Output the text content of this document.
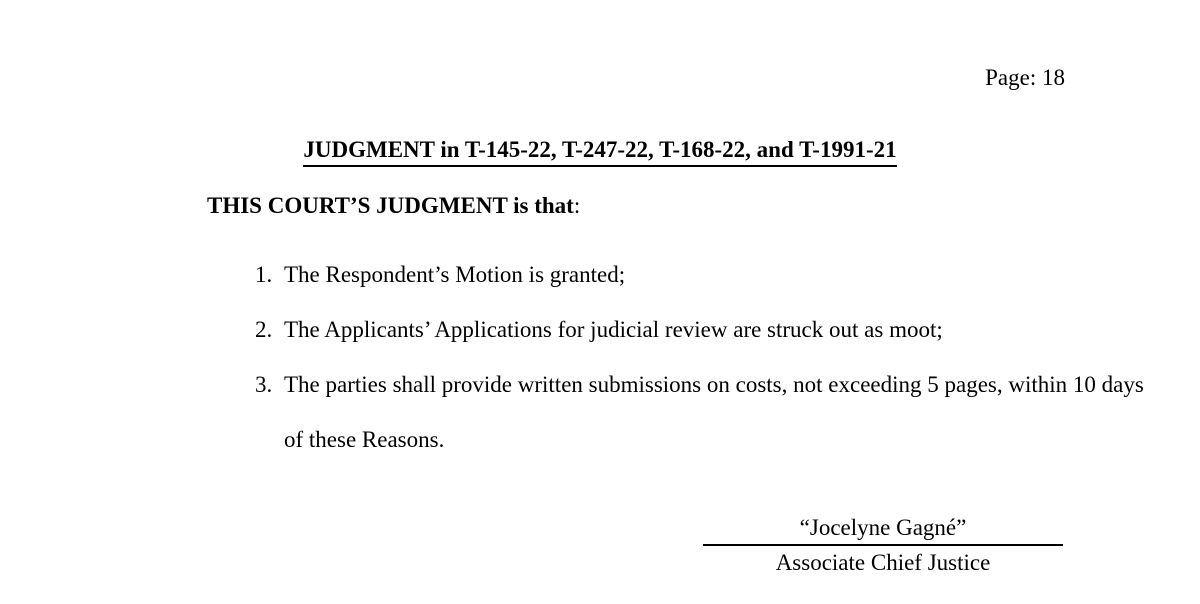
Page: 18
JUDGMENT in T-145-22, T-247-22, T-168-22, and T-1991-21
THIS COURT’S JUDGMENT is that:
1. The Respondent’s Motion is granted;
2. The Applicants’ Applications for judicial review are struck out as moot;
3. The parties shall provide written submissions on costs, not exceeding 5 pages, within 10 days of these Reasons.
“Jocelyne Gagné”
Associate Chief Justice
